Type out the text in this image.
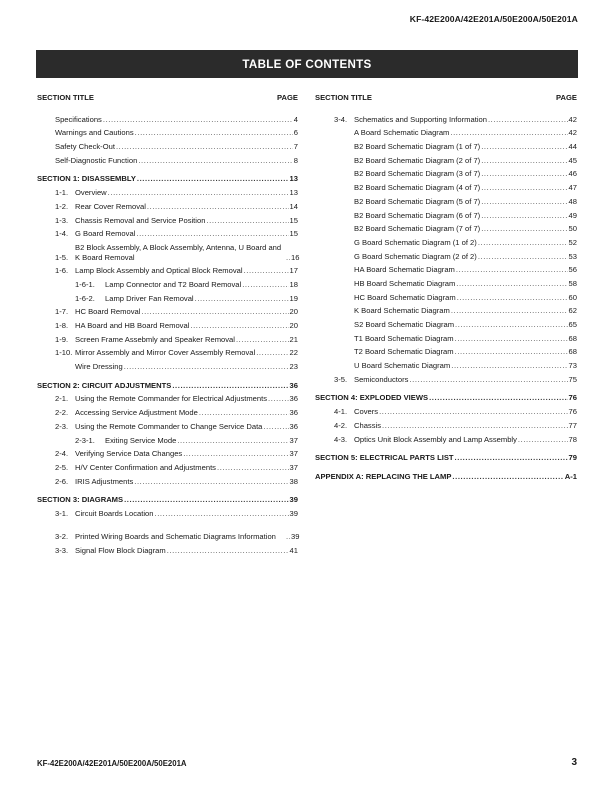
KF-42E200A/42E201A/50E200A/50E201A
TABLE OF CONTENTS
SECTION TITLE	PAGE
Specifications .....	4
Warnings and Cautions .....	6
Safety Check-Out .....	7
Self-Diagnostic Function .....	8
SECTION 1: DISASSEMBLY .....	13
1-1. Overview .....	13
1-2. Rear Cover Removal .....	14
1-3. Chassis Removal and Service Position .....	15
1-4. G Board Removal .....	15
1-5.
B2 Block Assembly, A Block Assembly, Antenna, U Board and K Board Removal .....	16
1-6. Lamp Block Assembly and Optical Block Removal .....	17
1-6-1.	Lamp Connector and T2 Board Removal .....	18
1-6-2.	Lamp Driver Fan Removal .....	19
1-7. HC Board Removal .....	20
1-8. HA Board and HB Board Removal .....	20
1-9. Screen Frame Assebmly and Speaker Removal .....	21
1-10. Mirror Assembly and Mirror Cover Assembly Removal .....	22
Wire Dressing .....	23
SECTION 2: CIRCUIT ADJUSTMENTS .....	36
2-1. Using the Remote Commander for Electrical Adjustments .....	36
2-2. Accessing Service Adjustment Mode .....	36
2-3. Using the Remote Commander to Change Service Data .....	36
2-3-1.	Exiting Service Mode .....	37
2-4. Verifying Service Data Changes .....	37
2-5. H/V Center Confirmation and Adjustments .....	37
2-6. IRIS Adjustments .....	38
SECTION 3: DIAGRAMS .....	39
3-1. Circuit Boards Location .....	39
3-2. Printed Wiring Boards and Schematic Diagrams Information .....	39
3-3. Signal Flow Block Diagram .....	41
SECTION TITLE	PAGE
3-4. Schematics and Supporting Information .....	42
A Board Schematic Diagram .....	42
B2 Board Schematic Diagram (1 of 7) .....	44
B2 Board Schematic Diagram (2 of 7) .....	45
B2 Board Schematic Diagram (3 of 7) .....	46
B2 Board Schematic Diagram (4 of 7) .....	47
B2 Board Schematic Diagram (5 of 7) .....	48
B2 Board Schematic Diagram (6 of 7) .....	49
B2 Board Schematic Diagram (7 of 7) .....	50
G Board Schematic Diagram (1 of 2) .....	52
G Board Schematic Diagram (2 of 2) .....	53
HA Board Schematic Diagram .....	56
HB Board Schematic Diagram .....	58
HC Board Schematic Diagram .....	60
K Board Schematic Diagram .....	62
S2 Board Schematic Diagram .....	65
T1 Board Schematic Diagram .....	68
T2 Board Schematic Diagram .....	68
U Board Schematic Diagram .....	73
3-5. Semiconductors .....	75
SECTION 4: EXPLODED VIEWS .....	76
4-1. Covers .....	76
4-2. Chassis .....	77
4-3. Optics Unit Block Assembly and Lamp Assembly .....	78
SECTION 5: ELECTRICAL PARTS LIST .....	79
APPENDIX A: REPLACING THE LAMP .....	A-1
KF-42E200A/42E201A/50E200A/50E201A	3
